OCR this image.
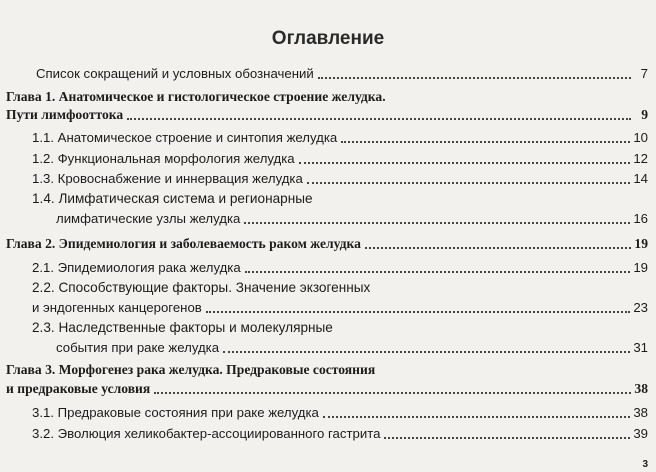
Оглавление
Список сокращений и условных обозначений	7
Глава 1. Анатомическое и гистологическое строение желудка.
Пути лимфооттока	9
1.1. Анатомическое строение и синтопия желудка	10
1.2. Функциональная морфология желудка	12
1.3. Кровоснабжение и иннервация желудка	14
1.4. Лимфатическая система и регионарные
лимфатические узлы желудка	16
Глава 2. Эпидемиология и заболеваемость раком желудка	19
2.1. Эпидемиология рака желудка	19
2.2. Способствующие факторы. Значение экзогенных
и эндогенных канцерогенов	23
2.3. Наследственные факторы и молекулярные
события при раке желудка	31
Глава 3. Морфогенез рака желудка. Предраковые состояния
и предраковые условия	38
3.1. Предраковые состояния при раке желудка	38
3.2. Эволюция хеликобактер-ассоциированного гастрита	39
3
